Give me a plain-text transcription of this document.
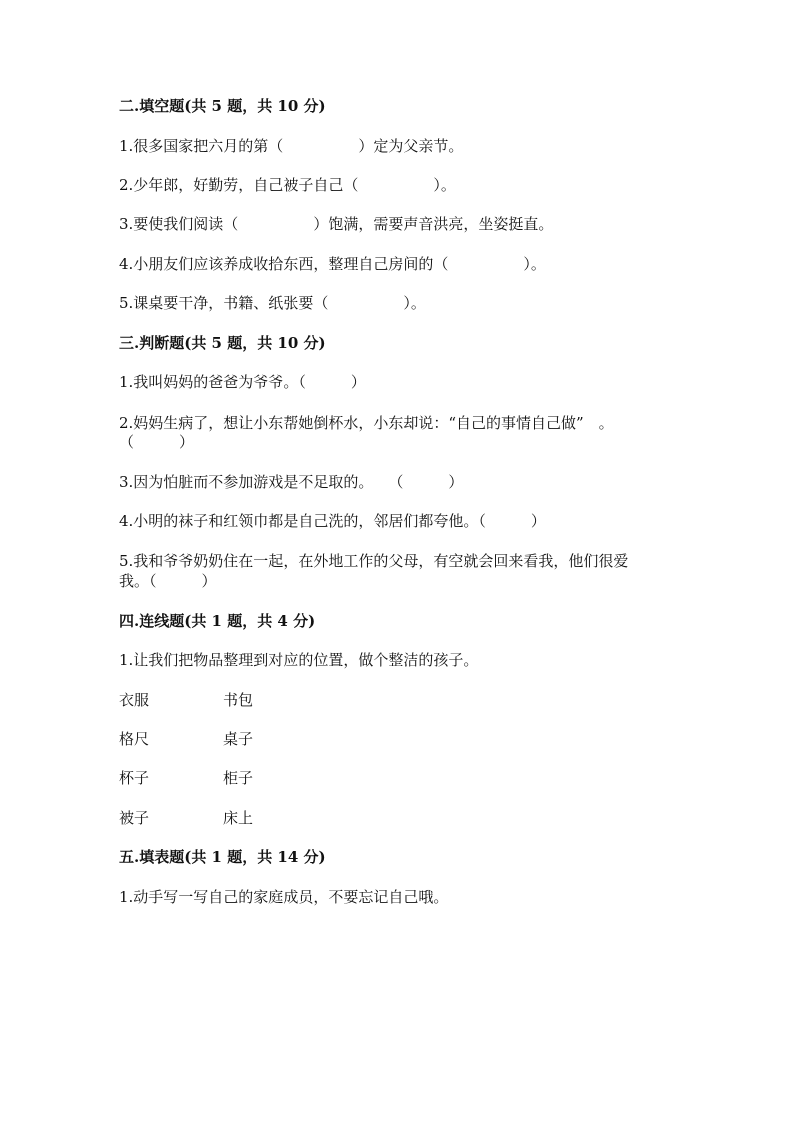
二.填空题(共 5 题，共 10 分)
1.很多国家把六月的第（　　　　　）定为父亲节。
2.少年郎，好勤劳，自己被子自己（　　　　　）。
3.要使我们阅读（　　　　　）饱满，需要声音洪亮，坐姿挺直。
4.小朋友们应该养成收拾东西，整理自己房间的（　　　　　）。
5.课桌要干净，书籍、纸张要（　　　　　）。
三.判断题(共 5 题，共 10 分)
1.我叫妈妈的爸爸为爷爷。（　　　）
2.妈妈生病了，想让小东帮她倒杯水，小东却说：“自己的事情自己做”　。
（　　　）
3.因为怕脏而不参加游戏是不足取的。　　（　　　）
4.小明的袜子和红领巾都是自己洗的，邻居们都夸他。（　　　）
5.我和爷爷奶奶住在一起，在外地工作的父母，有空就会回来看我，他们很爱
我。（　　　）
四.连线题(共 1 题，共 4 分)
1.让我们把物品整理到对应的位置，做个整洁的孩子。
衣服	书包
格尺	桌子
杯子	柜子
被子	床上
五.填表题(共 1 题，共 14 分)
1.动手写一写自己的家庭成员，不要忘记自己哦。
